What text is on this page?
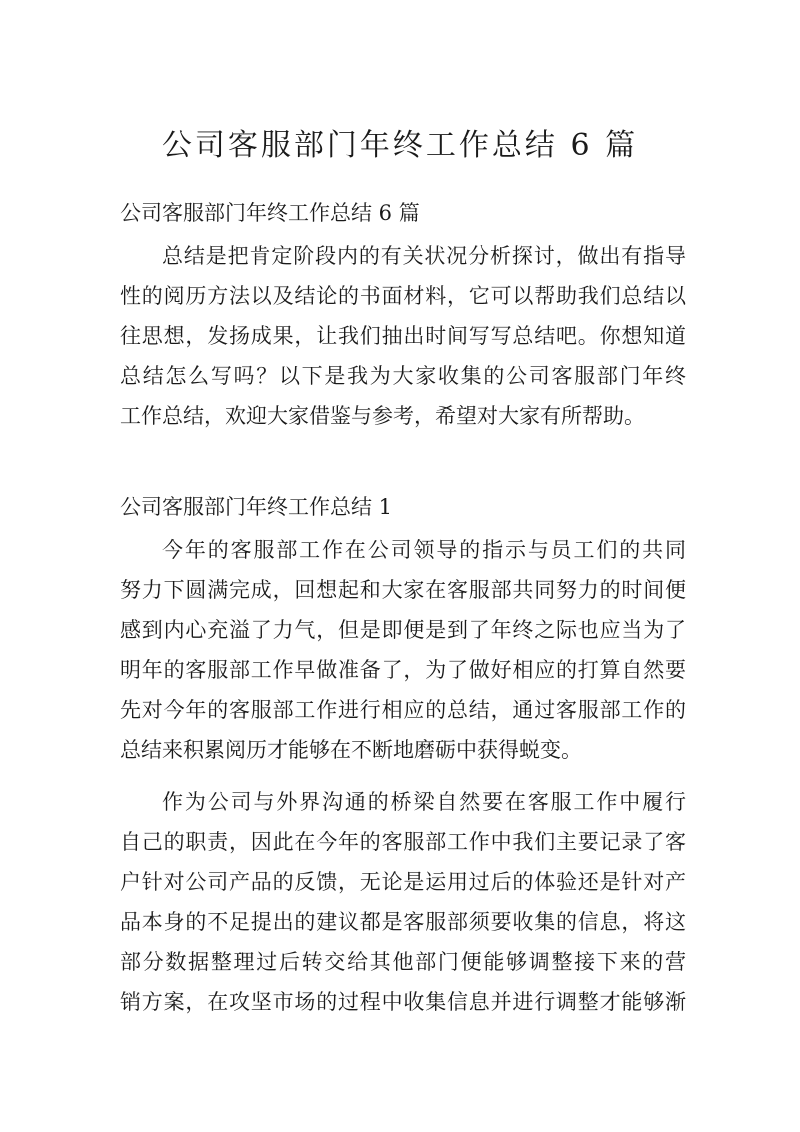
公司客服部门年终工作总结 6 篇
公司客服部门年终工作总结 6 篇
总结是把肯定阶段内的有关状况分析探讨，做出有指导
性的阅历方法以及结论的书面材料，它可以帮助我们总结以
往思想，发扬成果，让我们抽出时间写写总结吧。你想知道
总结怎么写吗？以下是我为大家收集的公司客服部门年终
工作总结，欢迎大家借鉴与参考，希望对大家有所帮助。
公司客服部门年终工作总结 1
今年的客服部工作在公司领导的指示与员工们的共同
努力下圆满完成，回想起和大家在客服部共同努力的时间便
感到内心充溢了力气，但是即便是到了年终之际也应当为了
明年的客服部工作早做准备了，为了做好相应的打算自然要
先对今年的客服部工作进行相应的总结，通过客服部工作的
总结来积累阅历才能够在不断地磨砺中获得蜕变。
作为公司与外界沟通的桥梁自然要在客服工作中履行
自己的职责，因此在今年的客服部工作中我们主要记录了客
户针对公司产品的反馈，无论是运用过后的体验还是针对产
品本身的不足提出的建议都是客服部须要收集的信息，将这
部分数据整理过后转交给其他部门便能够调整接下来的营
销方案，在攻坚市场的过程中收集信息并进行调整才能够渐
